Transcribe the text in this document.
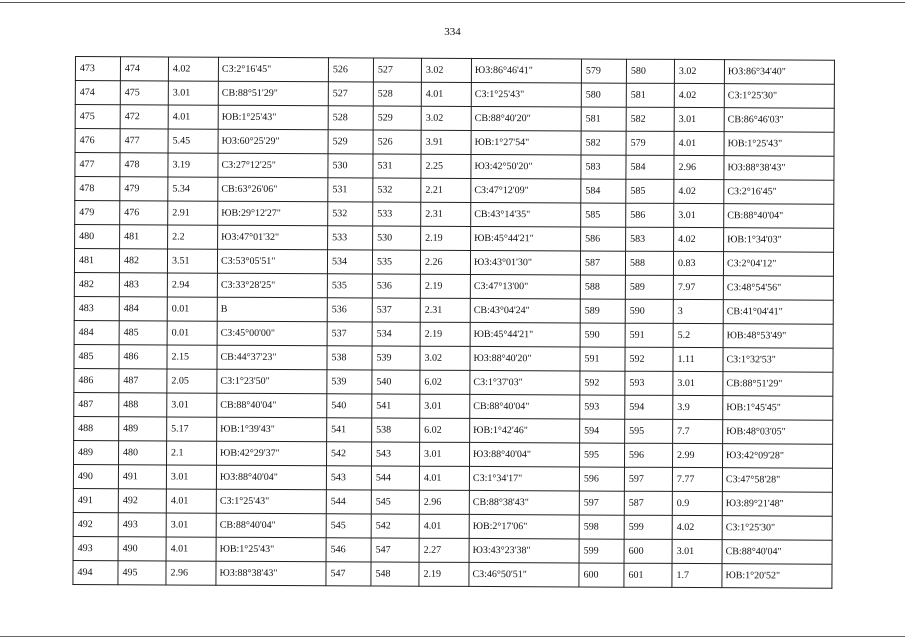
334
473	474	4.02	СЗ:2°16'45"	526	527	3.02	ЮЗ:86°46'41"	579	580	3.02	ЮЗ:86°34'40"
474	475	3.01	СВ:88°51'29"	527	528	4.01	СЗ:1°25'43"	580	581	4.02	СЗ:1°25'30"
475	472	4.01	ЮВ:1°25'43"	528	529	3.02	СВ:88°40'20"	581	582	3.01	СВ:86°46'03"
476	477	5.45	ЮЗ:60°25'29"	529	526	3.91	ЮВ:1°27'54"	582	579	4.01	ЮВ:1°25'43"
477	478	3.19	СЗ:27°12'25"	530	531	2.25	ЮЗ:42°50'20"	583	584	2.96	ЮЗ:88°38'43"
478	479	5.34	СВ:63°26'06"	531	532	2.21	СЗ:47°12'09"	584	585	4.02	СЗ:2°16'45"
479	476	2.91	ЮВ:29°12'27"	532	533	2.31	СВ:43°14'35"	585	586	3.01	СВ:88°40'04"
480	481	2.2	ЮЗ:47°01'32"	533	530	2.19	ЮВ:45°44'21"	586	583	4.02	ЮВ:1°34'03"
481	482	3.51	СЗ:53°05'51"	534	535	2.26	ЮЗ:43°01'30"	587	588	0.83	СЗ:2°04'12"
482	483	2.94	СЗ:33°28'25"	535	536	2.19	СЗ:47°13'00"	588	589	7.97	СЗ:48°54'56"
483	484	0.01	В	536	537	2.31	СВ:43°04'24"	589	590	3	СВ:41°04'41"
484	485	0.01	СЗ:45°00'00"	537	534	2.19	ЮВ:45°44'21"	590	591	5.2	ЮВ:48°53'49"
485	486	2.15	СВ:44°37'23"	538	539	3.02	ЮЗ:88°40'20"	591	592	1.11	СЗ:1°32'53"
486	487	2.05	СЗ:1°23'50"	539	540	6.02	СЗ:1°37'03"	592	593	3.01	СВ:88°51'29"
487	488	3.01	СВ:88°40'04"	540	541	3.01	СВ:88°40'04"	593	594	3.9	ЮВ:1°45'45"
488	489	5.17	ЮВ:1°39'43"	541	538	6.02	ЮВ:1°42'46"	594	595	7.7	ЮВ:48°03'05"
489	480	2.1	ЮВ:42°29'37"	542	543	3.01	ЮЗ:88°40'04"	595	596	2.99	ЮЗ:42°09'28"
490	491	3.01	ЮЗ:88°40'04"	543	544	4.01	СЗ:1°34'17"	596	597	7.77	СЗ:47°58'28"
491	492	4.01	СЗ:1°25'43"	544	545	2.96	СВ:88°38'43"	597	587	0.9	ЮЗ:89°21'48"
492	493	3.01	СВ:88°40'04"	545	542	4.01	ЮВ:2°17'06"	598	599	4.02	СЗ:1°25'30"
493	490	4.01	ЮВ:1°25'43"	546	547	2.27	ЮЗ:43°23'38"	599	600	3.01	СВ:88°40'04"
494	495	2.96	ЮЗ:88°38'43"	547	548	2.19	СЗ:46°50'51"	600	601	1.7	ЮВ:1°20'52"
